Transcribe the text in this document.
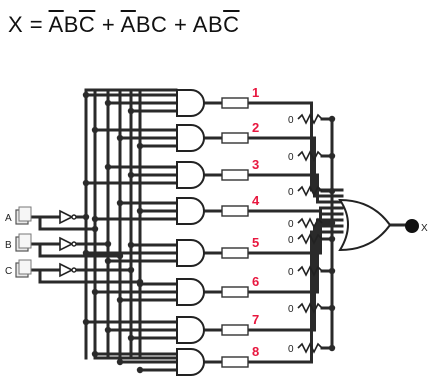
$X = \overline{A}B\overline{C} + \overline{A}BC + AB\overline{C}$
1
2
3
4
5
6
7
8
0
0
0
0
0
0
0
0
X
A
B
C
